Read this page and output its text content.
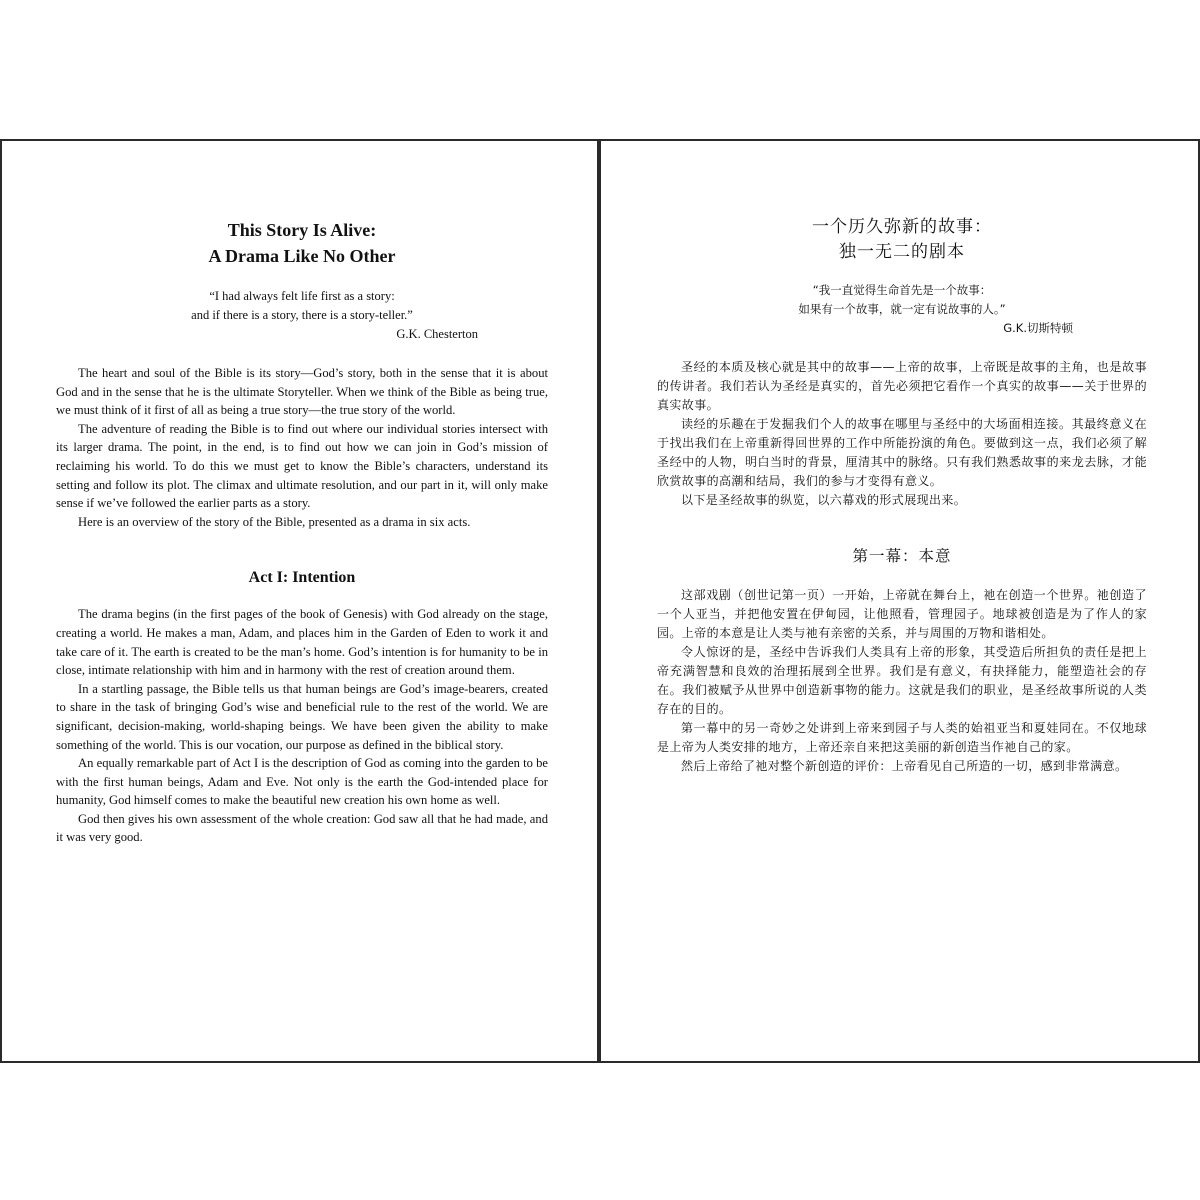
This Story Is Alive:
A Drama Like No Other
“I had always felt life first as a story:
and if there is a story, there is a story-teller.”
G.K. Chesterton

The heart and soul of the Bible is its story—God’s story, both in the sense that it is about God and in the sense that he is the ultimate Storyteller. When we think of the Bible as being true, we must think of it first of all as being a true story—the true story of the world.

The adventure of reading the Bible is to find out where our individual stories intersect with its larger drama. The point, in the end, is to find out how we can join in God’s mission of reclaiming his world. To do this we must get to know the Bible’s characters, understand its setting and follow its plot. The climax and ultimate resolution, and our part in it, will only make sense if we’ve followed the earlier parts as a story.

Here is an overview of the story of the Bible, presented as a drama in six acts.

Act I: Intention

The drama begins (in the first pages of the book of Genesis) with God already on the stage, creating a world. He makes a man, Adam, and places him in the Garden of Eden to work it and take care of it. The earth is created to be the man’s home. God’s intention is for humanity to be in close, intimate relationship with him and in harmony with the rest of creation around them.

In a startling passage, the Bible tells us that human beings are God’s image-bearers, created to share in the task of bringing God’s wise and beneficial rule to the rest of the world. We are significant, decision-making, world-shaping beings. We have been given the ability to make something of the world. This is our vocation, our purpose as defined in the biblical story.

An equally remarkable part of Act I is the description of God as coming into the garden to be with the first human beings, Adam and Eve. Not only is the earth the God-intended place for humanity, God himself comes to make the beautiful new creation his own home as well.

God then gives his own assessment of the whole creation: God saw all that he had made, and it was very good.

一个历久弥新的故事：
独一无二的剧本
“我一直觉得生命首先是一个故事：
如果有一个故事，就一定有说故事的人。”
G.K.切斯特顿

圣经的本质及核心就是其中的故事——上帝的故事，上帝既是故事的主角，也是故事的传讲者。我们若认为圣经是真实的，首先必须把它看作一个真实的故事——关于世界的真实故事。

读经的乐趣在于发掘我们个人的故事在哪里与圣经中的大场面相连接。其最终意义在于找出我们在上帝重新得回世界的工作中所能扮演的角色。要做到这一点，我们必须了解圣经中的人物，明白当时的背景，厘清其中的脉络。只有我们熟悉故事的来龙去脉，才能欣赏故事的高潮和结局，我们的参与才变得有意义。

以下是圣经故事的纵览，以六幕戏的形式展现出来。

第一幕：本意

这部戏剧（创世记第一页）一开始，上帝就在舞台上，祂在创造一个世界。祂创造了一个人亚当，并把他安置在伊甸园，让他照看，管理园子。地球被创造是为了作人的家园。上帝的本意是让人类与祂有亲密的关系，并与周围的万物和谐相处。

令人惊讶的是，圣经中告诉我们人类具有上帝的形象，其受造后所担负的责任是把上帝充满智慧和良效的治理拓展到全世界。我们是有意义，有抉择能力，能塑造社会的存在。我们被赋予从世界中创造新事物的能力。这就是我们的职业，是圣经故事所说的人类存在的目的。

第一幕中的另一奇妙之处讲到上帝来到园子与人类的始祖亚当和夏娃同在。不仅地球是上帝为人类安排的地方，上帝还亲自来把这美丽的新创造当作祂自己的家。

然后上帝给了祂对整个新创造的评价：上帝看见自己所造的一切，感到非常满意。
